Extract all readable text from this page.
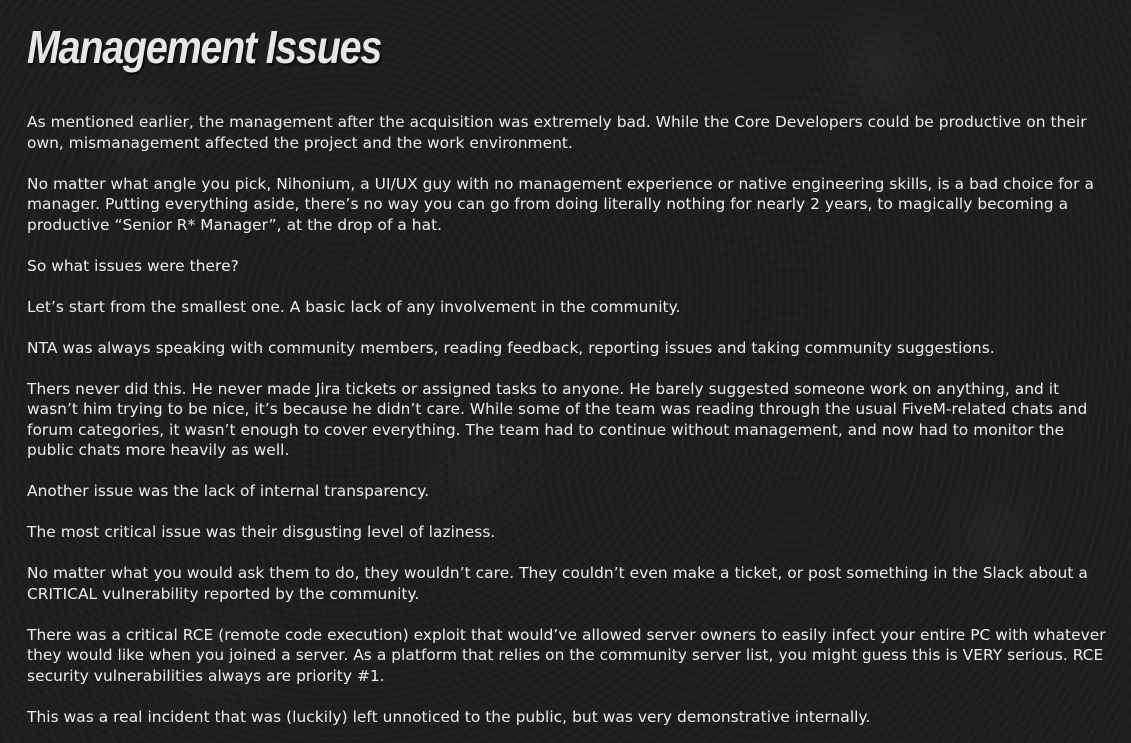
Management Issues

As mentioned earlier, the management after the acquisition was extremely bad. While the Core Developers could be productive on their own, mismanagement affected the project and the work environment.

No matter what angle you pick, Nihonium, a UI/UX guy with no management experience or native engineering skills, is a bad choice for a manager. Putting everything aside, there’s no way you can go from doing literally nothing for nearly 2 years, to magically becoming a productive “Senior R* Manager”, at the drop of a hat.

So what issues were there?

Let’s start from the smallest one. A basic lack of any involvement in the community.

NTA was always speaking with community members, reading feedback, reporting issues and taking community suggestions.

Thers never did this. He never made Jira tickets or assigned tasks to anyone. He barely suggested someone work on anything, and it wasn’t him trying to be nice, it’s because he didn’t care. While some of the team was reading through the usual FiveM-related chats and forum categories, it wasn’t enough to cover everything. The team had to continue without management, and now had to monitor the public chats more heavily as well.

Another issue was the lack of internal transparency.

The most critical issue was their disgusting level of laziness.

No matter what you would ask them to do, they wouldn’t care. They couldn’t even make a ticket, or post something in the Slack about a CRITICAL vulnerability reported by the community.

There was a critical RCE (remote code execution) exploit that would’ve allowed server owners to easily infect your entire PC with whatever they would like when you joined a server. As a platform that relies on the community server list, you might guess this is VERY serious. RCE security vulnerabilities always are priority #1.

This was a real incident that was (luckily) left unnoticed to the public, but was very demonstrative internally.
